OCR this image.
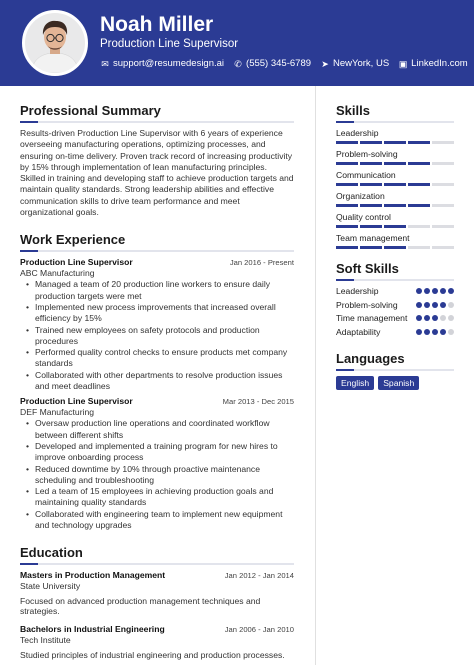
Noah Miller
Production Line Supervisor
✉ support@resumedesign.ai ✆ (555) 345-6789 ➤ NewYork, US ▣ LinkedIn.com
Professional Summary
Results-driven Production Line Supervisor with 6 years of experience overseeing manufacturing operations, optimizing processes, and ensuring on-time delivery. Proven track record of increasing productivity by 15% through implementation of lean manufacturing principles. Skilled in training and developing staff to achieve production targets and maintain quality standards. Strong leadership abilities and effective communication skills to drive team performance and meet organizational goals.
Work Experience
Production Line Supervisor	Jan 2016 - Present
ABC Manufacturing
• Managed a team of 20 production line workers to ensure daily production targets were met
• Implemented new process improvements that increased overall efficiency by 15%
• Trained new employees on safety protocols and production procedures
• Performed quality control checks to ensure products met company standards
• Collaborated with other departments to resolve production issues and meet deadlines
Production Line Supervisor	Mar 2013 - Dec 2015
DEF Manufacturing
• Oversaw production line operations and coordinated workflow between different shifts
• Developed and implemented a training program for new hires to improve onboarding process
• Reduced downtime by 10% through proactive maintenance scheduling and troubleshooting
• Led a team of 15 employees in achieving production goals and maintaining quality standards
• Collaborated with engineering team to implement new equipment and technology upgrades
Education
Masters in Production Management	Jan 2012 - Jan 2014
State University
Focused on advanced production management techniques and strategies.
Bachelors in Industrial Engineering	Jan 2006 - Jan 2010
Tech Institute
Studied principles of industrial engineering and production processes.
Skills
Leadership
Problem-solving
Communication
Organization
Quality control
Team management
Soft Skills
Leadership
Problem-solving
Time management
Adaptability
Languages
English	Spanish
